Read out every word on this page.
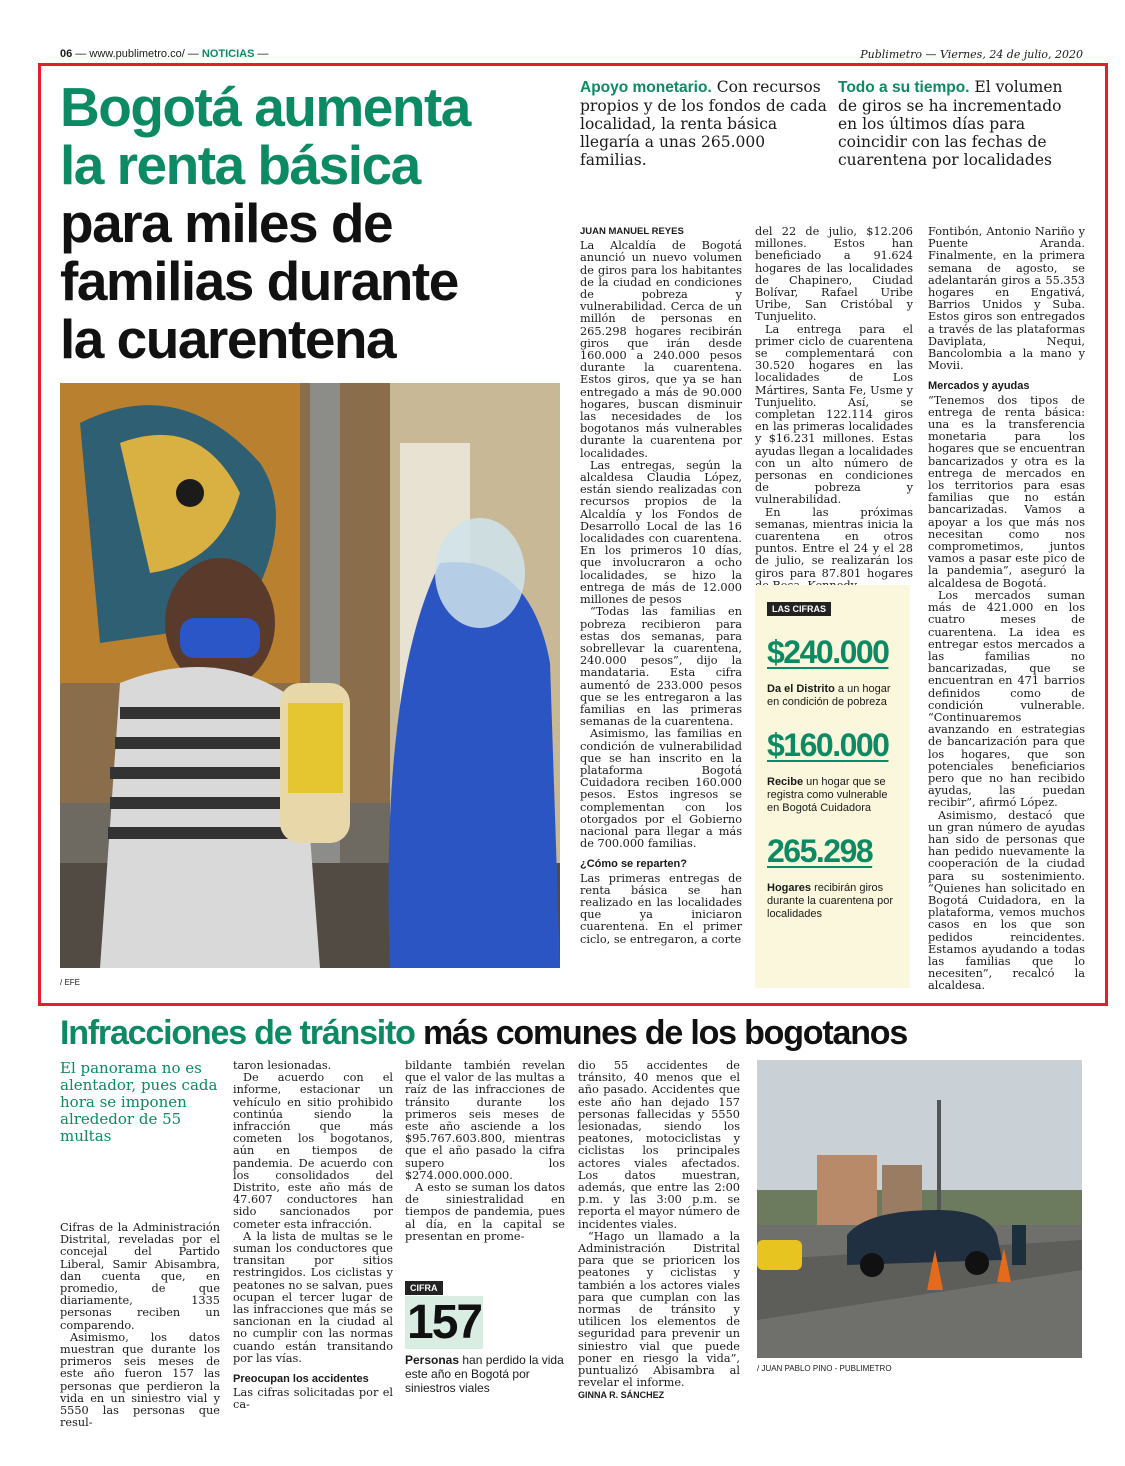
06 — www.publimetro.co/ — NOTICIAS —	Publimetro — Viernes, 24 de julio, 2020
Bogotá aumenta
la renta básica
para miles de
familias durante
la cuarentena
/ EFE
Apoyo monetario. Con recursos propios y de los fondos de cada localidad, la renta básica llegaría a unas 265.000 familias.
Todo a su tiempo. El volumen de giros se ha incrementado en los últimos días para coincidir con las fechas de cuarentena por localidades

JUAN MANUEL REYES

La Alcaldía de Bogotá anunció un nuevo volumen de giros para los habitantes de la ciudad en condiciones de pobreza y vulnerabilidad. Cerca de un millón de personas en 265.298 hogares recibirán giros que irán desde 160.000 a 240.000 pesos durante la cuarentena. Estos giros, que ya se han entregado a más de 90.000 hogares, buscan disminuir las necesidades de los bogotanos más vulnerables durante la cuarentena por localidades.

Las entregas, según la alcaldesa Claudia López, están siendo realizadas con recursos propios de la Alcaldía y los Fondos de Desarrollo Local de las 16 localidades con cuarentena. En los primeros 10 días, que involucraron a ocho localidades, se hizo la entrega de más de 12.000 millones de pesos

“Todas las familias en pobreza recibieron para estas dos semanas, para sobrellevar la cuarentena, 240.000 pesos”, dijo la mandataria. Esta cifra aumentó de 233.000 pesos que se les entregaron a las familias en las primeras semanas de la cuarentena.

Asimismo, las familias en condición de vulnerabilidad que se han inscrito en la plataforma Bogotá Cuidadora reciben 160.000 pesos. Estos ingresos se complementan con los otorgados por el Gobierno nacional para llegar a más de 700.000 familias.

¿Cómo se reparten?

Las primeras entregas de renta básica se han realizado en las localidades que ya iniciaron cuarentena. En el primer ciclo, se entregaron, a corte

del 22 de julio, $12.206 millones. Estos han beneficiado a 91.624 hogares de las localidades de Chapinero, Ciudad Bolívar, Rafael Uribe Uribe, San Cristóbal y Tunjuelito.

La entrega para el primer ciclo de cuarentena se complementará con 30.520 hogares en las localidades de Los Mártires, Santa Fe, Usme y Tunjuelito. Así, se completan 122.114 giros en las primeras localidades y $16.231 millones. Estas ayudas llegan a localidades con un alto número de personas en condiciones de pobreza y vulnerabilidad.

En las próximas semanas, mientras inicia la cuarentena en otros puntos. Entre el 24 y el 28 de julio, se realizarán los giros para 87.801 hogares

LAS CIFRAS
$240.000
Da el Distrito a un hogar en condición de pobreza
$160.000
Recibe un hogar que se registra como vulnerable en Bogotá Cuidadora
265.298
Hogares recibirán giros durante la cuarentena por localidades

Fontibón, Antonio Nariño y Puente Aranda. Finalmente, en la primera semana de agosto, se adelantarán giros a 55.353 hogares en Engativá, Barrios Unidos y Suba. Estos giros son entregados a través de las plataformas Daviplata, Nequi, Bancolombia a la mano y Movii.

Mercados y ayudas

“Tenemos dos tipos de entrega de renta básica: una es la transferencia monetaria para los hogares que se encuentran bancarizados y otra es la entrega de mercados en los territorios para esas familias que no están bancarizadas. Vamos a apoyar a los que más nos necesitan como nos comprometimos, juntos vamos a pasar este pico de la pandemia”, aseguró la alcaldesa de Bogotá.

Los mercados suman más de 421.000 en los cuatro meses de cuarentena. La idea es entregar estos mercados a las familias no bancarizadas, que se encuentran en 471 barrios definidos como de condición vulnerable. “Continuaremos avanzando en estrategias de bancarización para que los hogares, que son potenciales beneficiarios pero que no han recibido ayudas, las puedan recibir”, afirmó López.

Asimismo, destacó que un gran número de ayudas han sido de personas que han pedido nuevamente la cooperación de la ciudad para su sostenimiento. “Quienes han solicitado en Bogotá Cuidadora, en la plataforma, vemos muchos casos en los que son pedidos reincidentes. Estamos ayudando a todas las familias que lo necesiten”, recalcó la alcaldesa.

Infracciones de tránsito más comunes de los bogotanos
El panorama no es alentador, pues cada hora se imponen alrededor de 55 multas

Cifras de la Administración Distrital, reveladas por el concejal del Partido Liberal, Samir Abisambra, dan cuenta que, en promedio, de que diariamente, 1335 personas reciben un comparendo.

Asimismo, los datos muestran que durante los primeros seis meses de este año fueron 157 las personas que perdieron la vida en un siniestro vial y 5550 las personas que resul-

taron lesionadas.

De acuerdo con el informe, estacionar un vehículo en sitio prohibido continúa siendo la infracción que más cometen los bogotanos, aún en tiempos de pandemia. De acuerdo con los consolidados del Distrito, este año más de 47.607 conductores han sido sancionados por cometer esta infracción.

A la lista de multas se le suman los conductores que transitan por sitios restringidos. Los ciclistas y peatones no se salvan, pues ocupan el tercer lugar de las infracciones que más se sancionan en la ciudad al no cumplir con las normas cuando están transitando por las vías.

Preocupan los accidentes

Las cifras solicitadas por el ca-

bildante también revelan que el valor de las multas a raíz de las infracciones de tránsito durante los primeros seis meses de este año asciende a los $95.767.603.800, mientras que el año pasado la cifra supero los $274.000.000.000.

A esto se suman los datos de siniestralidad en tiempos de pandemia, pues al día, en la capital se presentan en prome-

CIFRA
157
Personas han perdido la vida este año en Bogotá por siniestros viales

dio 55 accidentes de tránsito, 40 menos que el año pasado. Accidentes que este año han dejado 157 personas fallecidas y 5550 lesionadas, siendo los peatones, motociclistas y ciclistas los principales actores viales afectados. Los datos muestran, además, que entre las 2:00 p.m. y las 3:00 p.m. se reporta el mayor número de incidentes viales.

“Hago un llamado a la Administración Distrital para que se prioricen los peatones y ciclistas y también a los actores viales para que cumplan con las normas de tránsito y utilicen los elementos de seguridad para prevenir un siniestro vial que puede poner en riesgo la vida”, puntualizó Abisambra al revelar el informe.

GINNA R. SÁNCHEZ

/ JUAN PABLO PINO - PUBLIMETRO
